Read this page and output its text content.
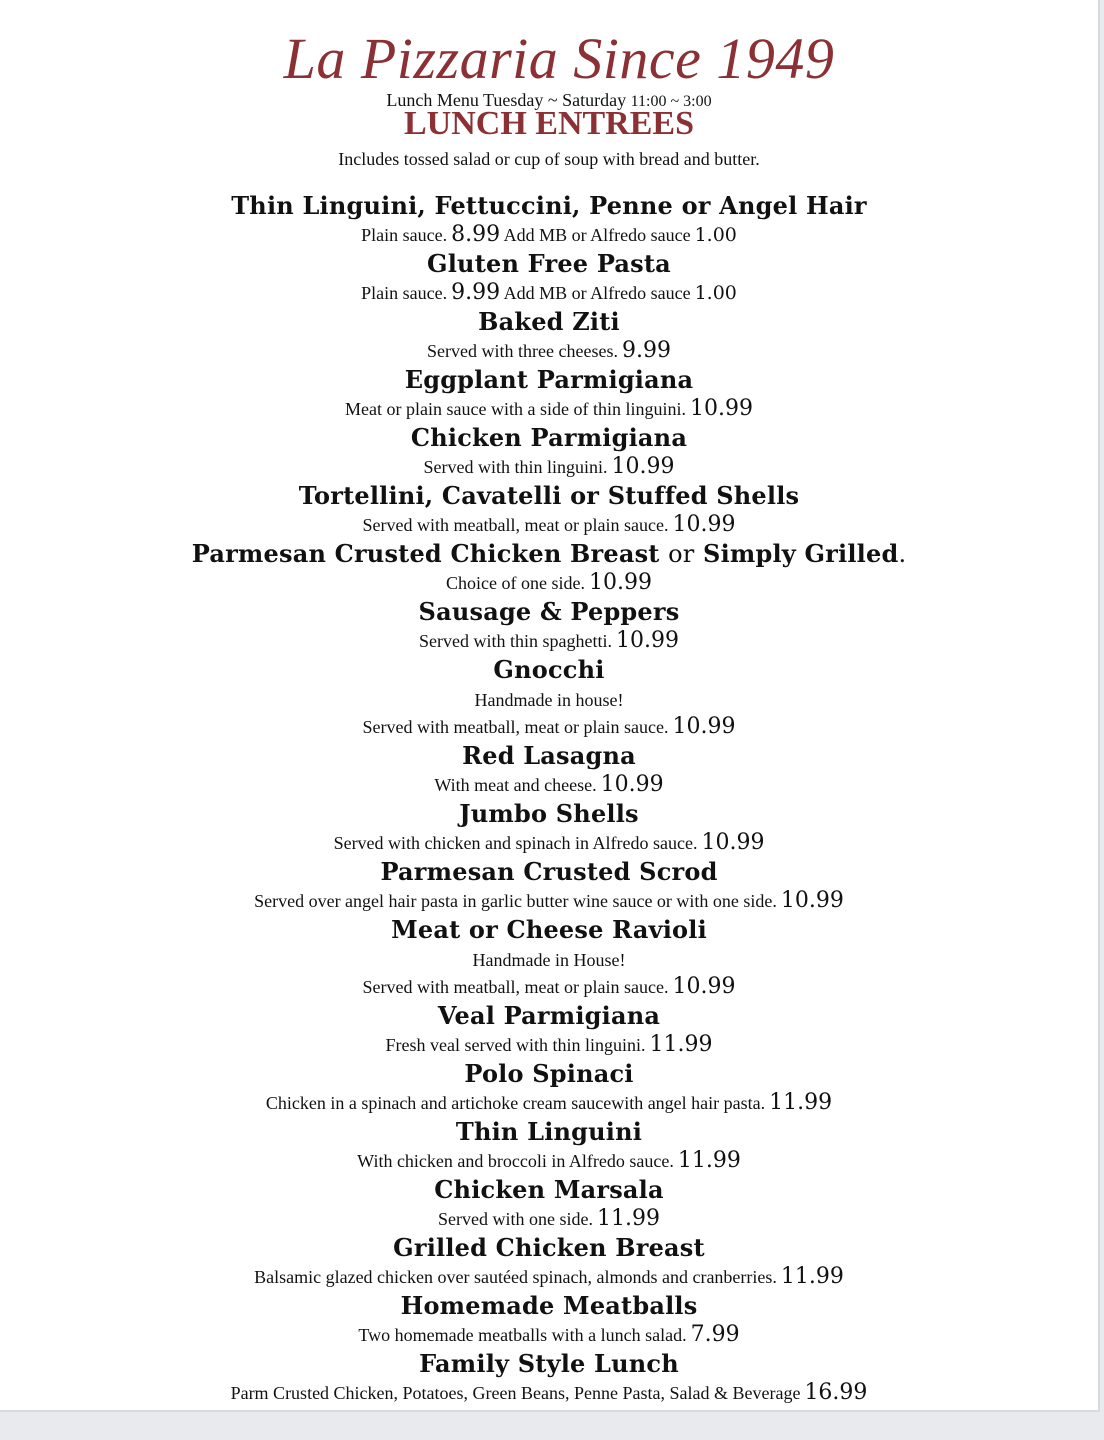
La Pizzaria Since 1949
Lunch Menu Tuesday ~ Saturday 11:00 ~ 3:00
LUNCH ENTREES
Includes tossed salad or cup of soup with bread and butter.
Thin Linguini, Fettuccini, Penne or Angel Hair
Plain sauce. 8.99 Add MB or Alfredo sauce 1.00
Gluten Free Pasta
Plain sauce. 9.99 Add MB or Alfredo sauce 1.00
Baked Ziti
Served with three cheeses. 9.99
Eggplant Parmigiana
Meat or plain sauce with a side of thin linguini. 10.99
Chicken Parmigiana
Served with thin linguini. 10.99
Tortellini, Cavatelli or Stuffed Shells
Served with meatball, meat or plain sauce. 10.99
Parmesan Crusted Chicken Breast or Simply Grilled.
Choice of one side. 10.99
Sausage & Peppers
Served with thin spaghetti. 10.99
Gnocchi
Handmade in house!
Served with meatball, meat or plain sauce. 10.99
Red Lasagna
With meat and cheese. 10.99
Jumbo Shells
Served with chicken and spinach in Alfredo sauce. 10.99
Parmesan Crusted Scrod
Served over angel hair pasta in garlic butter wine sauce or with one side. 10.99
Meat or Cheese Ravioli
Handmade in House!
Served with meatball, meat or plain sauce. 10.99
Veal Parmigiana
Fresh veal served with thin linguini. 11.99
Polo Spinaci
Chicken in a spinach and artichoke cream saucewith angel hair pasta. 11.99
Thin Linguini
With chicken and broccoli in Alfredo sauce. 11.99
Chicken Marsala
Served with one side. 11.99
Grilled Chicken Breast
Balsamic glazed chicken over sautéed spinach, almonds and cranberries. 11.99
Homemade Meatballs
Two homemade meatballs with a lunch salad. 7.99
Family Style Lunch
Parm Crusted Chicken, Potatoes, Green Beans, Penne Pasta, Salad & Beverage 16.99
